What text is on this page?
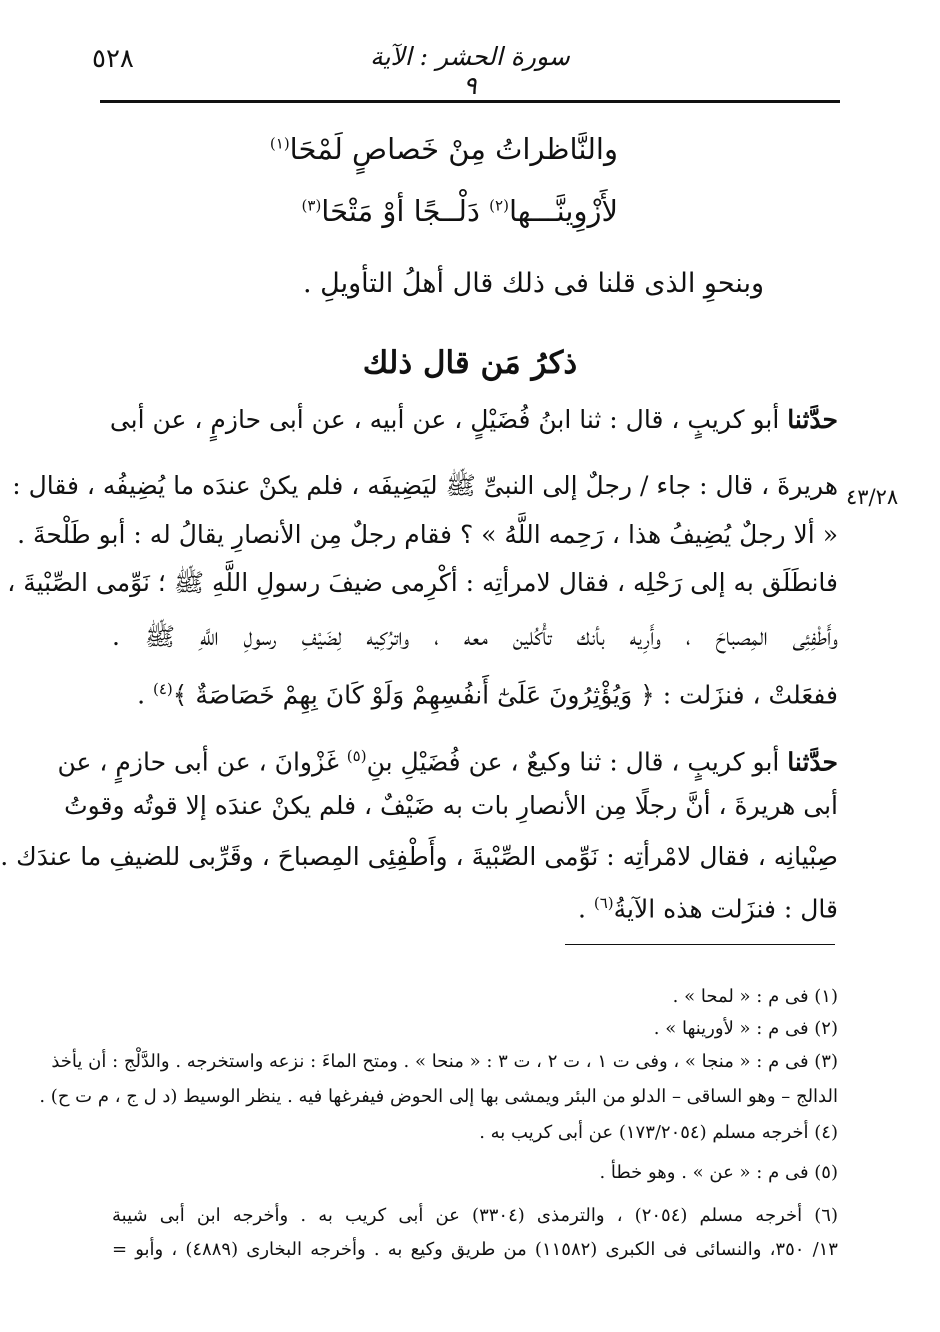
٥٢٨	سورة الحشر : الآية ٩
والنَّاظراتُ مِنْ خَصاصٍ لَمْحَا$^{(١)}$
لأَزْوِينَّـــها$^{(٢)}$ دَلْــجًا أوْ مَتْحَا$^{(٣)}$
وبنحوِ الذى قلنا فى ذلك قال أهلُ التأويلِ .
ذكرُ مَن قال ذلك
٤٣/٢٨
حدَّثنا أبو كريبٍ ، قال : ثنا ابنُ فُضَيْلٍ ، عن أبيه ، عن أبى حازمٍ ، عن أبى
هريرةَ ، قال : جاء / رجلٌ إلى النبىِّ ﷺ ليَضِيفَه ، فلم يكنْ عندَه ما يُضِيفُه ، فقال :
« ألا رجلٌ يُضِيفُ هذا ، رَحِمه اللَّهُ » ؟ فقام رجلٌ مِن الأنصارِ يقالُ له : أبو طَلْحةَ .
فانطَلَق به إلى رَحْلِه ، فقال لامرأتِه : أكْرِمى ضيفَ رسولِ اللَّهِ ﷺ ؛ نَوِّمى الصِّبْيةَ ،
وأَطْفِئِى المِصباحَ ، وأَرِيه بأنك تأْكُلين معه ، واترُكِيه لِضَيْفِ رسولِ اللَّهِ ﷺ .
ففعَلتْ ، فنزَلت : ﴿ وَيُؤْثِرُونَ عَلَىٰٓ أَنفُسِهِمْ وَلَوْ كَانَ بِهِمْ خَصَاصَةٌ ﴾$^{(٤)}$ .
حدَّثنا أبو كريبٍ ، قال : ثنا وكيعٌ ، عن فُضَيْلِ بنِ$^{(٥)}$ غَزْوانَ ، عن أبى حازمٍ ، عن
أبى هريرةَ ، أنَّ رجلًا مِن الأنصارِ بات به ضَيْفٌ ، فلم يكنْ عندَه إلا قوتُه وقوتُ
صِبْيانِه ، فقال لامْرأتِه : نَوِّمى الصِّبْيةَ ، وأَطْفِئِى المِصباحَ ، وقَرِّبى للضيفِ ما عندَك .
قال : فنزَلت هذه الآيةُ$^{(٦)}$ .
(١) فى م : « لمحا » .
(٢) فى م : « لأورينها » .
(٣) فى م : « منجا » ، وفى ت ١ ، ت ٢ ، ت ٣ : « منحا » . ومتح الماءَ : نزعه واستخرجه . والدَّلْج : أن يأخذ
الدالج – وهو الساقى – الدلو من البئر ويمشى بها إلى الحوض فيفرغها فيه . ينظر الوسيط (د ل ج ، م ت ح) .
(٤) أخرجه مسلم (١٧٣/٢٠٥٤) عن أبى كريب به .
(٥) فى م : « عن » . وهو خطأ .
(٦) أخرجه مسلم (٢٠٥٤) ، والترمذى (٣٣٠٤) عن أبى كريب به . وأخرجه ابن أبى شيبة
١٣/ ٣٥٠، والنسائى فى الكبرى (١١٥٨٢) من طريق وكيع به . وأخرجه البخارى (٤٨٨٩) ، وأبو =
